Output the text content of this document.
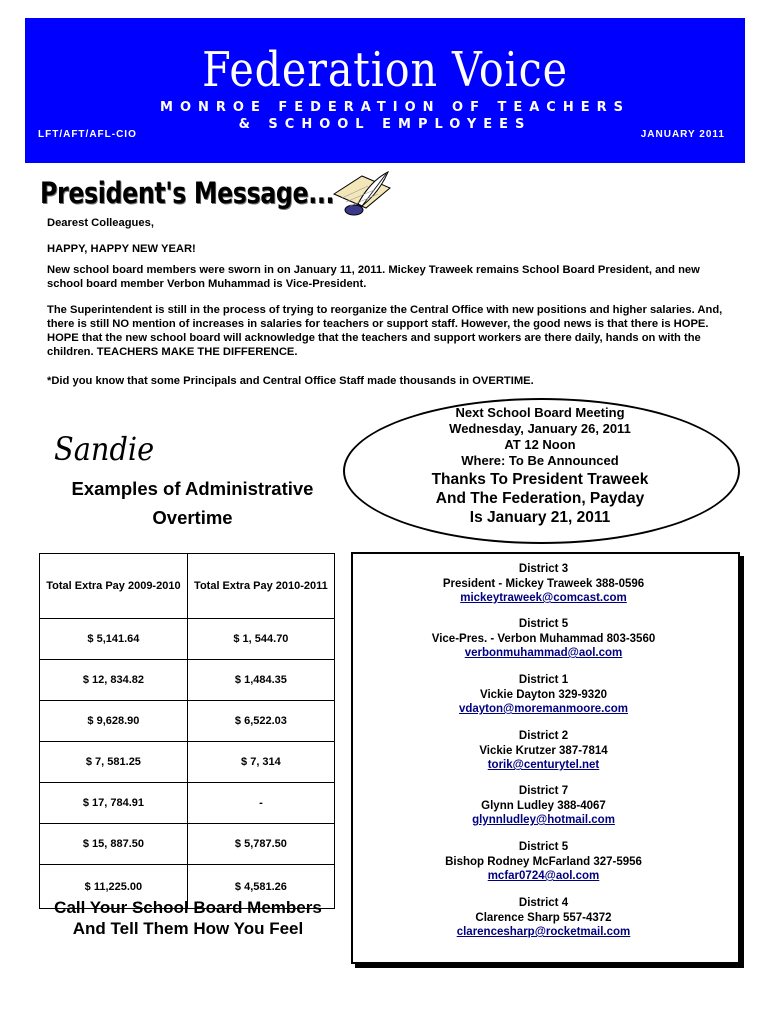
Federation Voice
MONROE FEDERATION OF TEACHERS
& SCHOOL EMPLOYEES
LFT/AFT/AFL-CIO	JANUARY 2011
President's Message...
Dearest Colleagues,
HAPPY, HAPPY NEW YEAR!
New school board members were sworn in on January 11, 2011. Mickey Traweek remains School Board President, and new school board member Verbon Muhammad is Vice-President.
The Superintendent is still in the process of trying to reorganize the Central Office with new positions and higher salaries. And, there is still NO mention of increases in salaries for teachers or support staff. However, the good news is that there is HOPE. HOPE that the new school board will acknowledge that the teachers and support workers are there daily, hands on with the children. TEACHERS MAKE THE DIFFERENCE.
*Did you know that some Principals and Central Office Staff made thousands in OVERTIME.
Sandie
Examples of Administrative
Overtime
Next School Board Meeting
Wednesday, January 26, 2011
AT 12 Noon
Where: To Be Announced
Thanks To President Traweek
And The Federation, Payday
Is January 21, 2011
Total Extra Pay 2009-2010	Total Extra Pay 2010-2011
$ 5,141.64	$ 1, 544.70
$ 12, 834.82	$ 1,484.35
$ 9,628.90	$ 6,522.03
$ 7, 581.25	$ 7, 314
$ 17, 784.91	-
$ 15, 887.50	$ 5,787.50
$ 11,225.00	$ 4,581.26
Call Your School Board Members And Tell Them How You Feel
District 3
President - Mickey Traweek 388-0596
mickeytraweek@comcast.com
District 5
Vice-Pres. - Verbon Muhammad 803-3560
verbonmuhammad@aol.com
District 1
Vickie Dayton 329-9320
vdayton@moremanmoore.com
District 2
Vickie Krutzer 387-7814
torik@centurytel.net
District 7
Glynn Ludley 388-4067
glynnludley@hotmail.com
District 5
Bishop Rodney McFarland 327-5956
mcfar0724@aol.com
District 4
Clarence Sharp 557-4372
clarencesharp@rocketmail.com
